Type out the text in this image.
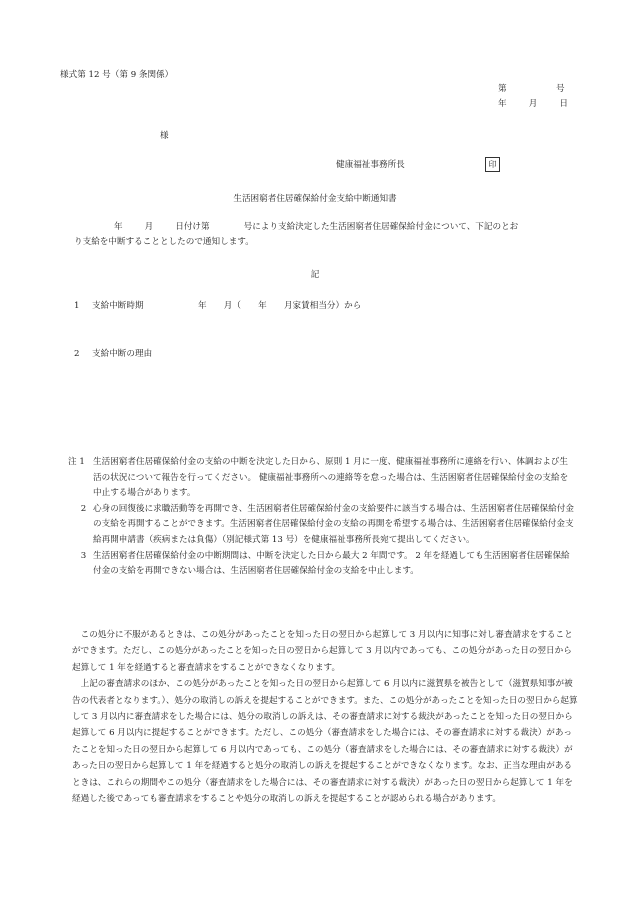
様式第 12 号（第 9 条関係）
第	号
年	月	日
様
健康福祉事務所長	印
生活困窮者住居確保給付金支給中断通知書
年	月	日付け第	号により支給決定した生活困窮者住居確保給付金について、下記のとお
り支給を中断することとしたので通知します。
記
1	支給中断時期	年　　月（　　年　　月家賃相当分）から
2	支給中断の理由
注 1 生活困窮者住居確保給付金の支給の中断を決定した日から、原則 1 月に一度、健康福祉事務所に連絡を行い、体調および生活の状況について報告を行ってください。 健康福祉事務所への連絡等を怠った場合は、生活困窮者住居確保給付金の支給を中止する場合があります。
2 心身の回復後に求職活動等を再開でき、生活困窮者住居確保給付金の支給要件に該当する場合は、生活困窮者住居確保給付金の支給を再開することができます。生活困窮者住居確保給付金の支給の再開を希望する場合は、生活困窮者住居確保給付金支給再開申請書（疾病または負傷）（別記様式第 13 号）を健康福祉事務所長宛て提出してください。
3 生活困窮者住居確保給付金の中断期間は、中断を決定した日から最大 2 年間です。 2 年を経過しても生活困窮者住居確保給付金の支給を再開できない場合は、生活困窮者住居確保給付金の支給を中止します。

この処分に不服があるときは、この処分があったことを知った日の翌日から起算して 3 月以内に知事に対し審査請求をすることができます。ただし、この処分があったことを知った日の翌日から起算して 3 月以内であっても、この処分があった日の翌日から起算して 1 年を経過すると審査請求をすることができなくなります。

上記の審査請求のほか、この処分があったことを知った日の翌日から起算して 6 月以内に滋賀県を被告として（滋賀県知事が被告の代表者となります。）、処分の取消しの訴えを提起することができます。また、この処分があったことを知った日の翌日から起算して 3 月以内に審査請求をした場合には、処分の取消しの訴えは、その審査請求に対する裁決があったことを知った日の翌日から起算して 6 月以内に提起することができます。ただし、この処分（審査請求をした場合には、その審査請求に対する裁決）があったことを知った日の翌日から起算して 6 月以内であっても、この処分（審査請求をした場合には、その審査請求に対する裁決）があった日の翌日から起算して 1 年を経過すると処分の取消しの訴えを提起することができなくなります。なお、正当な理由があるときは、これらの期間やこの処分（審査請求をした場合には、その審査請求に対する裁決）があった日の翌日から起算して 1 年を経過した後であっても審査請求をすることや処分の取消しの訴えを提起することが認められる場合があります。
